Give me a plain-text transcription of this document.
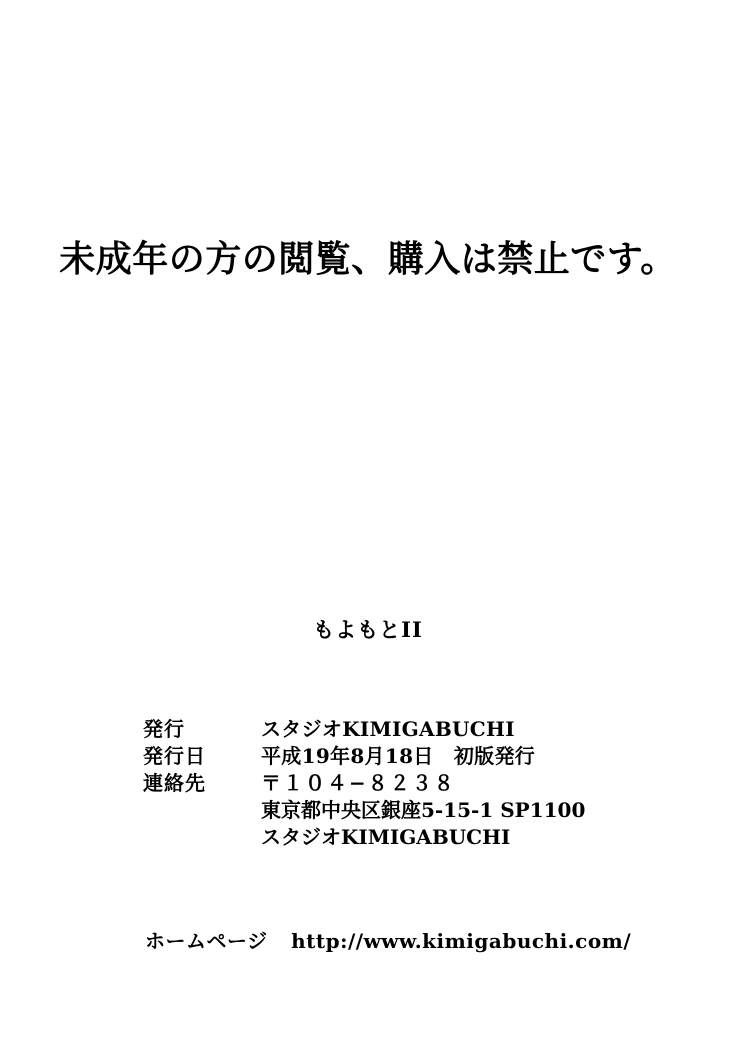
未成年の方の閲覧、購入は禁止です。
もよもとII
発行	スタジオKIMIGABUCHI
発行日	平成19年8月18日　初版発行
連絡先	〒１０４−８２３８
東京都中央区銀座5-15-1 SP1100
スタジオKIMIGABUCHI
ホームページ http://www.kimigabuchi.com/
